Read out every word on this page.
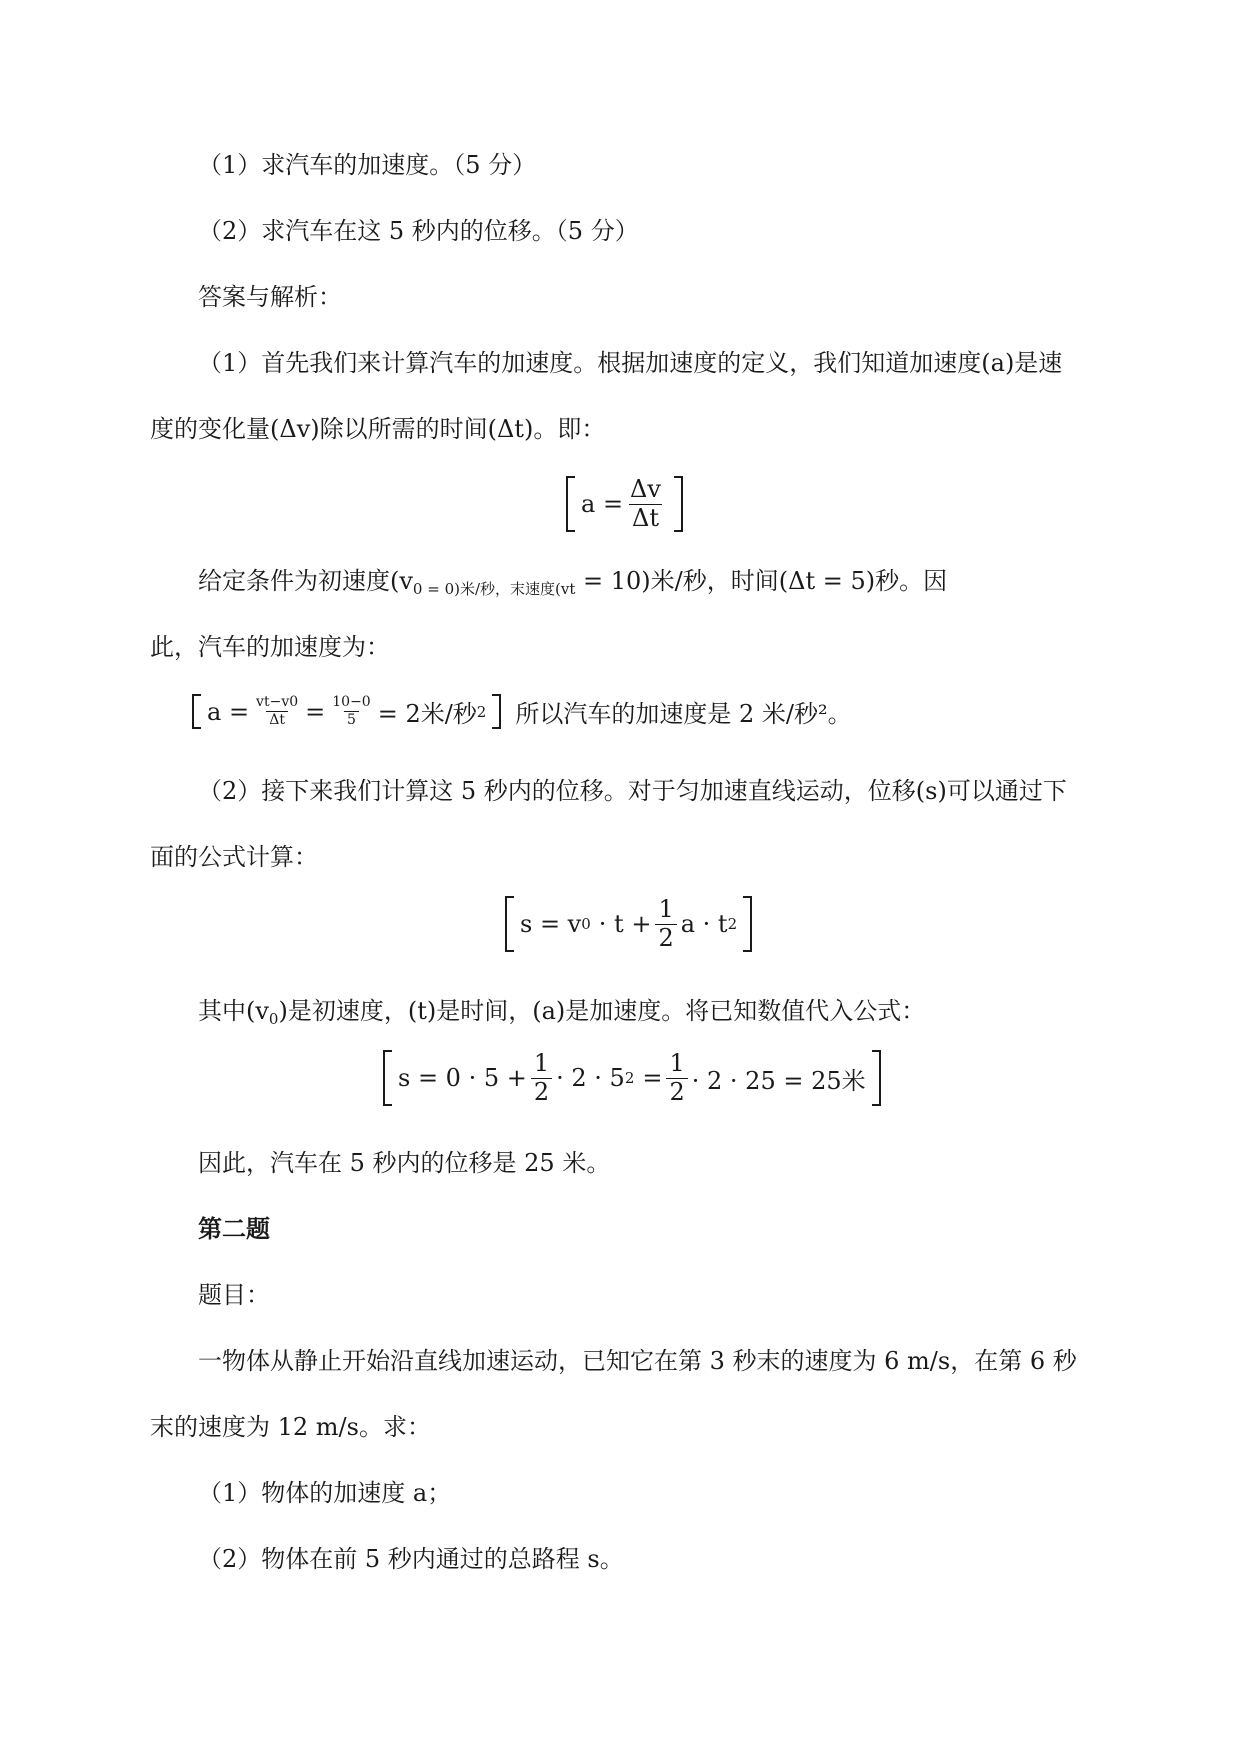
（1）求汽车的加速度。（5 分）
（2）求汽车在这 5 秒内的位移。（5 分）
答案与解析：
（1）首先我们来计算汽车的加速度。根据加速度的定义，我们知道加速度(a)是速
度的变化量(Δv)除以所需的时间(Δt)。即：
$a = \frac{\Delta v}{\Delta t}$
给定条件为初速度$(v_{0 = 0)米/秒,末速度(vt} = 10)$米/秒，时间(Δt = 5)秒。因
此，汽车的加速度为：
$a = \frac{vt-v0}{\Delta t} = \frac{10-0}{5} = 2$米/秒 2 所以汽车的加速度是 2 米/秒²。
（2）接下来我们计算这 5 秒内的位移。对于匀加速直线运动，位移(s)可以通过下
面的公式计算：
s = v $0 \cdot t + \frac{1}{2}$ a · t 2
其中$(v_0)$是初速度，(t)是时间，(a)是加速度。将已知数值代入公式：
$s = 0 \cdot 5 + \frac{1}{2} \cdot 2 \cdot 5$ $2 = \frac{1}{2} \cdot 2 \cdot 25 = 25$米
因此，汽车在 5 秒内的位移是 25 米。
第二题
题目：
一物体从静止开始沿直线加速运动，已知它在第 3 秒末的速度为 6 m/s，在第 6 秒
末的速度为 12 m/s。求：
（1）物体的加速度 a；
（2）物体在前 5 秒内通过的总路程 s。
